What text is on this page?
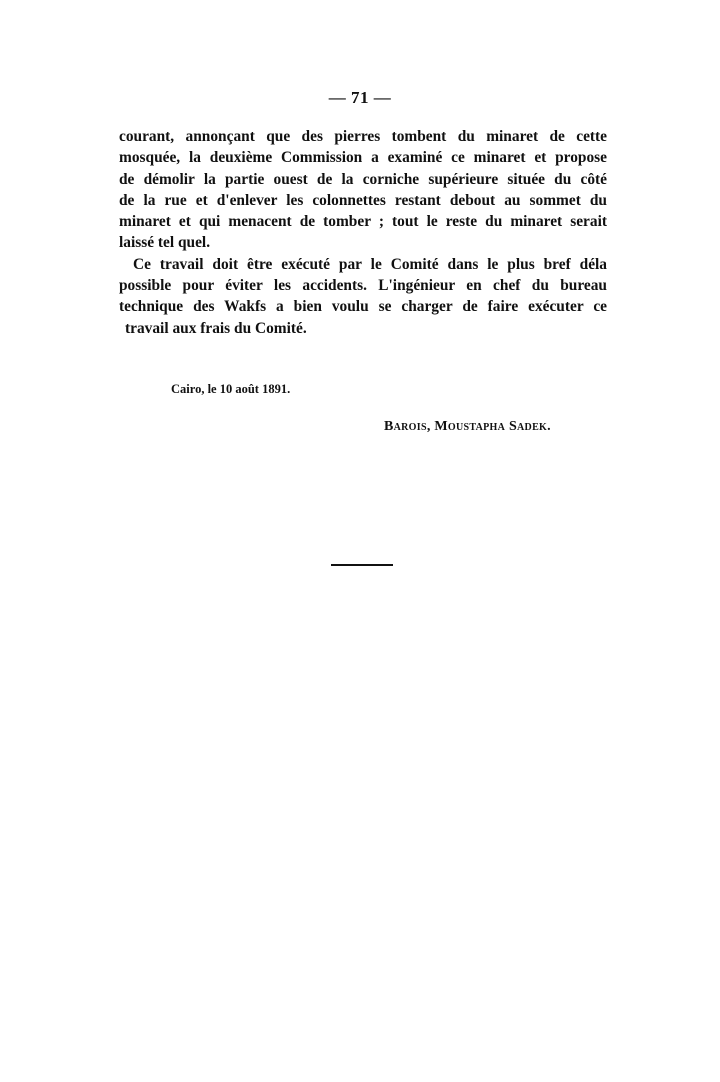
— 71 —
courant, annonçant que des pierres tombent du minaret de cette
mosquée, la deuxième Commission a examiné ce minaret et propose
de démolir la partie ouest de la corniche supérieure située du côté
de la rue et d'enlever les colonnettes restant debout au sommet du
minaret et qui menacent de tomber ; tout le reste du minaret serait
laissé tel quel.
Ce travail doit être exécuté par le Comité dans le plus bref déla
possible pour éviter les accidents. L'ingénieur en chef du bureau
technique des Wakfs a bien voulu se charger de faire exécuter ce
travail aux frais du Comité.
Cairo, le 10 août 1891.
Barois, Moustapha Sadek.
